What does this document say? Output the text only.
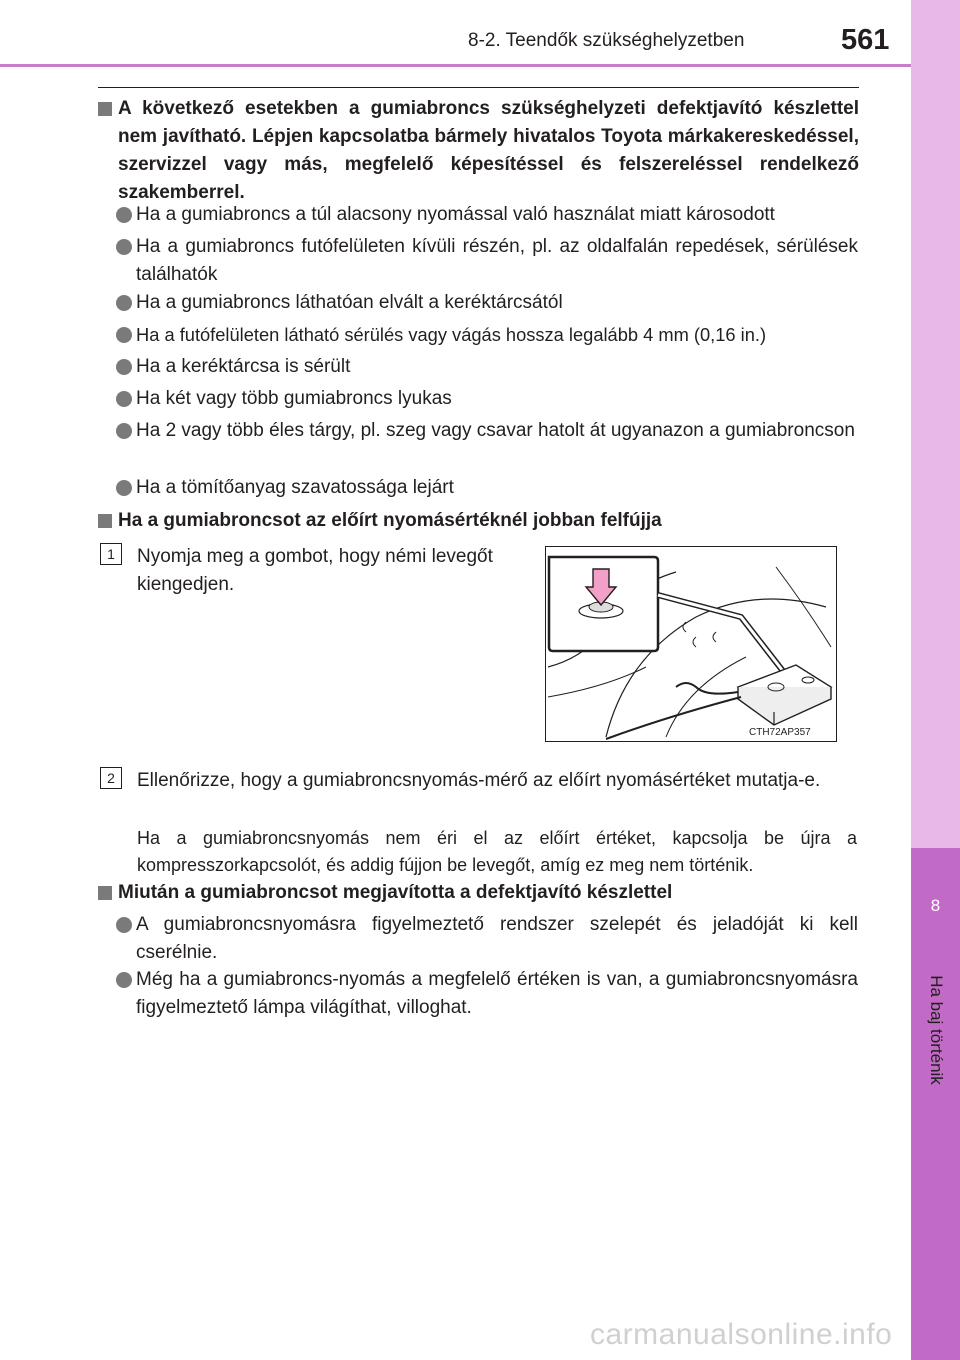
8
Ha baj történik
8-2. Teendők szükséghelyzetben	561
A következő esetekben a gumiabroncs szükséghelyzeti defektjavító készlettel nem javítható. Lépjen kapcsolatba bármely hivatalos Toyota márkakereskedéssel, szervizzel vagy más, megfelelő képesítéssel és felszereléssel rendelkező szakemberrel.
Ha a gumiabroncs a túl alacsony nyomással való használat miatt károsodott
Ha a gumiabroncs futófelületen kívüli részén, pl. az oldalfalán repedések, sérülések találhatók
Ha a gumiabroncs láthatóan elvált a keréktárcsától
Ha a futófelületen látható sérülés vagy vágás hossza legalább 4 mm (0,16 in.)
Ha a keréktárcsa is sérült
Ha két vagy több gumiabroncs lyukas
Ha 2 vagy több éles tárgy, pl. szeg vagy csavar hatolt át ugyanazon a gumiabroncson
Ha a tömítőanyag szavatossága lejárt
Ha a gumiabroncsot az előírt nyomásértéknél jobban felfújja
1	Nyomja meg a gombot, hogy némi levegőt kiengedjen.
CTH72AP357
2	Ellenőrizze, hogy a gumiabroncsnyomás-mérő az előírt nyomásértéket mutatja-e.
Ha a gumiabroncsnyomás nem éri el az előírt értéket, kapcsolja be újra a kompresszorkapcsolót, és addig fújjon be levegőt, amíg ez meg nem történik.
Miután a gumiabroncsot megjavította a defektjavító készlettel
A gumiabroncsnyomásra figyelmeztető rendszer szelepét és jeladóját ki kell cserélnie.
Még ha a gumiabroncs-nyomás a megfelelő értéken is van, a gumiabroncsnyomásra figyelmeztető lámpa világíthat, villoghat.
carmanualsonline.info
